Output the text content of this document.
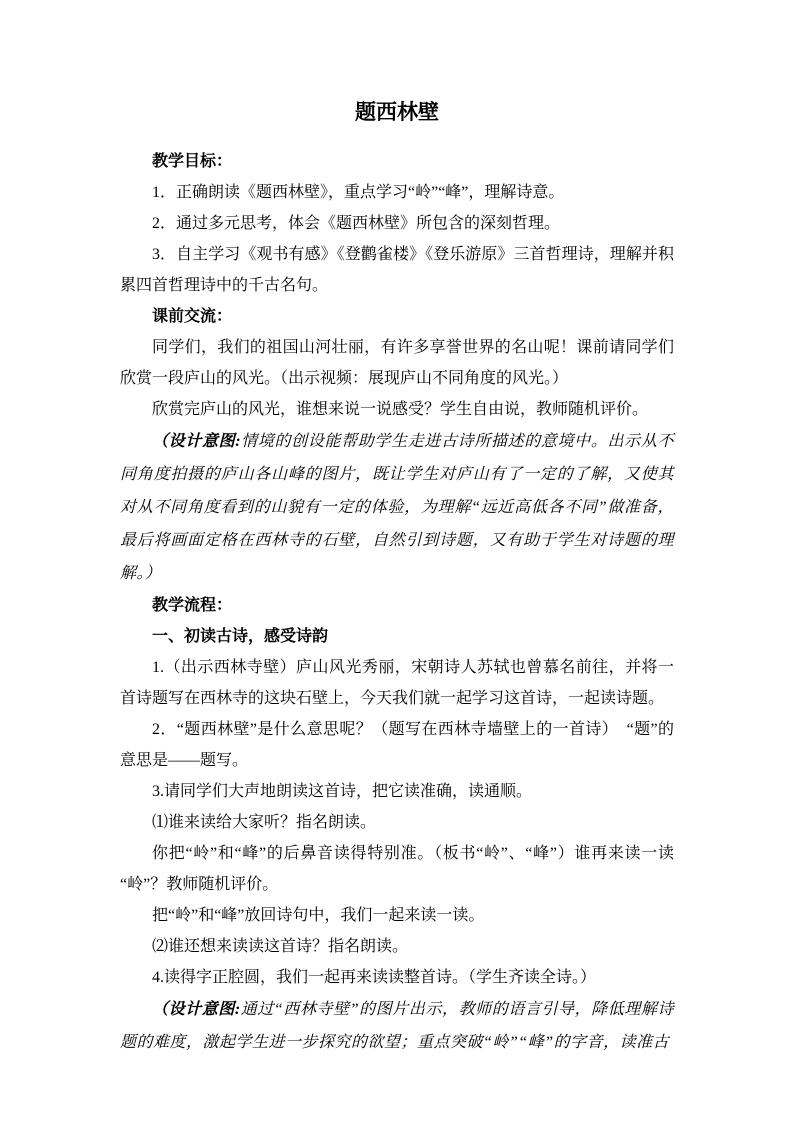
题西林壁

教学目标：

1．正确朗读《题西林壁》，重点学习“岭”“峰”，理解诗意。

2．通过多元思考，体会《题西林壁》所包含的深刻哲理。

3．自主学习《观书有感》《登鹳雀楼》《登乐游原》三首哲理诗，理解并积累四首哲理诗中的千古名句。

课前交流：

同学们，我们的祖国山河壮丽，有许多享誉世界的名山呢！课前请同学们欣赏一段庐山的风光。（出示视频：展现庐山不同角度的风光。）

欣赏完庐山的风光，谁想来说一说感受？学生自由说，教师随机评价。

（设计意图:情境的创设能帮助学生走进古诗所描述的意境中。出示从不同角度拍摄的庐山各山峰的图片，既让学生对庐山有了一定的了解，又使其对从不同角度看到的山貌有一定的体验，为理解“远近高低各不同”做准备，最后将画面定格在西林寺的石壁，自然引到诗题，又有助于学生对诗题的理解。）

教学流程：

一、初读古诗，感受诗韵

1.（出示西林寺壁）庐山风光秀丽，宋朝诗人苏轼也曾慕名前往，并将一首诗题写在西林寺的这块石壁上，今天我们就一起学习这首诗，一起读诗题。

2．“题西林壁”是什么意思呢？（题写在西林寺墙壁上的一首诗）　“题”的意思是——题写。

3.请同学们大声地朗读这首诗，把它读准确，读通顺。

⑴谁来读给大家听？指名朗读。

你把“岭”和“峰”的后鼻音读得特别准。（板书“岭”、“峰”）谁再来读一读“岭”？教师随机评价。

把“岭”和“峰”放回诗句中，我们一起来读一读。

⑵谁还想来读读这首诗？指名朗读。

4.读得字正腔圆，我们一起再来读读整首诗。（学生齐读全诗。）

（设计意图:通过“西林寺壁”的图片出示，教师的语言引导，降低理解诗题的难度，激起学生进一步探究的欲望；重点突破“岭”“峰”的字音，读准古
